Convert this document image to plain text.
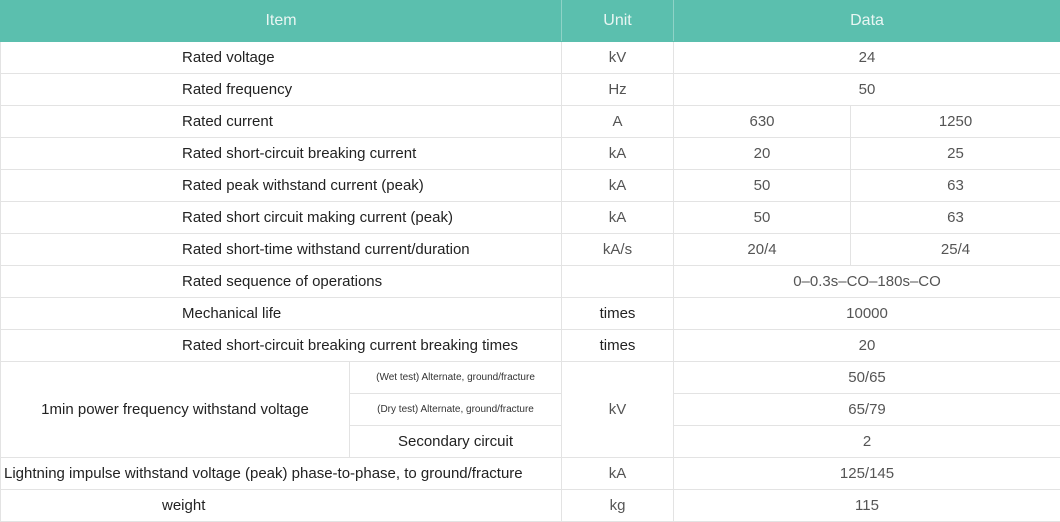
Item		Unit	Data	
Rated voltage		kV	24	
Rated frequency		Hz	50	
Rated current		A	630	1250
Rated short-circuit breaking current		kA	20	25
Rated peak withstand current (peak)		kA	50	63
Rated short circuit making current (peak)		kA	50	63
Rated short-time withstand current/duration		kA/s	20/4	25/4
Rated sequence of operations			0–0.3s–CO–180s–CO	
Mechanical life		times	10000	
Rated short-circuit breaking current breaking times		times	20	
1min power frequency withstand voltage	(Wet test) Alternate, ground/fracture	kV	50/65	
	(Dry test) Alternate, ground/fracture		65/79	
	Secondary circuit		2	
Lightning impulse withstand voltage (peak) phase-to-phase, to ground/fracture		kA	125/145	
weight		kg	115	
